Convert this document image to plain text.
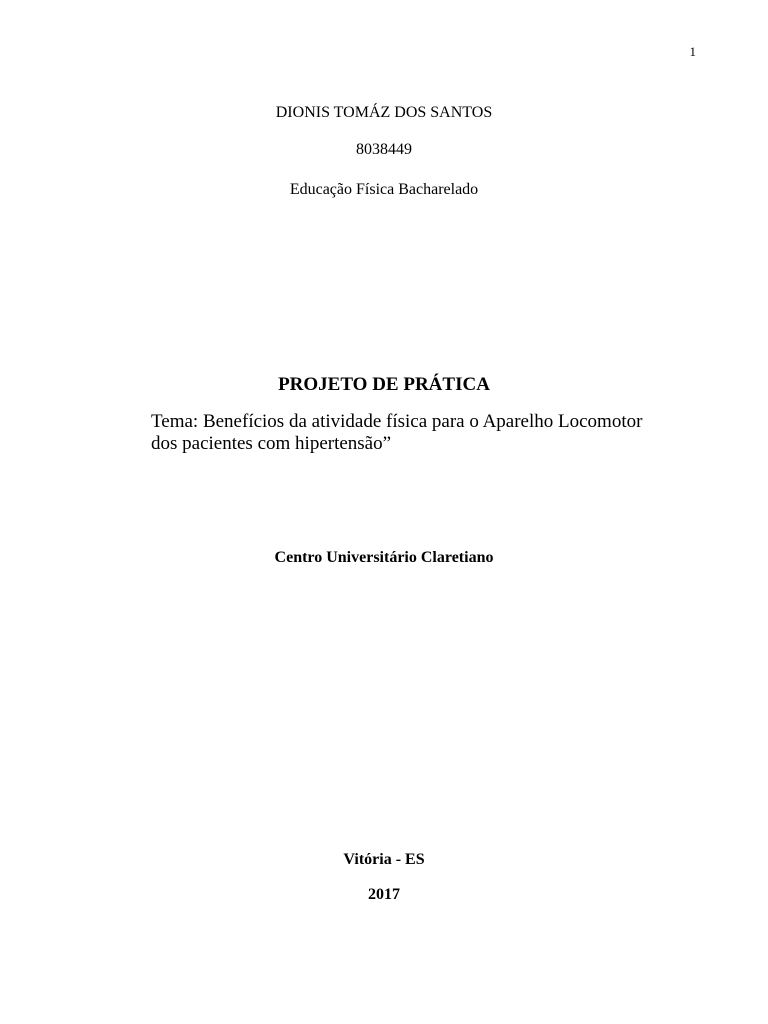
1

DIONIS TOMÁZ DOS SANTOS

8038449

Educação Física Bacharelado

PROJETO DE PRÁTICA

Tema: Benefícios da atividade física para o Aparelho Locomotor
dos pacientes com hipertensão”

Centro Universitário Claretiano

Vitória - ES

2017
